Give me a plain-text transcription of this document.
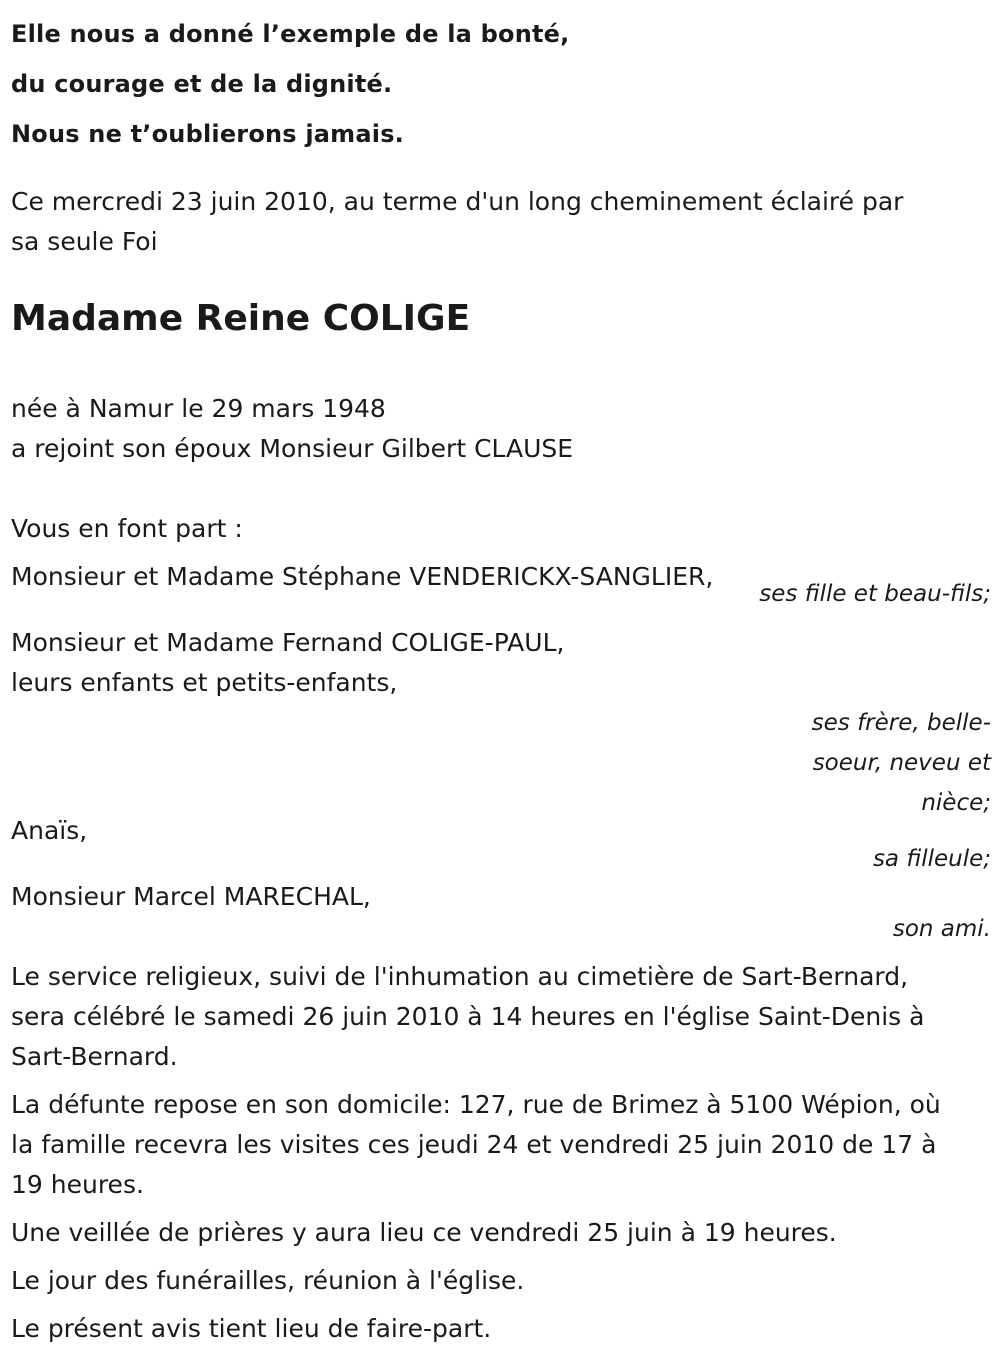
Elle nous a donné l’exemple de la bonté,
du courage et de la dignité.
Nous ne t’oublierons jamais.

Ce mercredi 23 juin 2010, au terme d'un long cheminement éclairé par
sa seule Foi

Madame Reine COLIGE

née à Namur le 29 mars 1948
a rejoint son époux Monsieur Gilbert CLAUSE

Vous en font part :

Monsieur et Madame Stéphane VENDERICKX-SANGLIER,
ses fille et beau-fils;
Monsieur et Madame Fernand COLIGE-PAUL,
leurs enfants et petits-enfants,
ses frère, belle-
soeur, neveu et
nièce;
Anaïs,
sa filleule;
Monsieur Marcel MARECHAL,
son ami.

Le service religieux, suivi de l'inhumation au cimetière de Sart-Bernard,
sera célébré le samedi 26 juin 2010 à 14 heures en l'église Saint-Denis à
Sart-Bernard.

La défunte repose en son domicile: 127, rue de Brimez à 5100 Wépion, où
la famille recevra les visites ces jeudi 24 et vendredi 25 juin 2010 de 17 à
19 heures.

Une veillée de prières y aura lieu ce vendredi 25 juin à 19 heures.

Le jour des funérailles, réunion à l'église.

Le présent avis tient lieu de faire-part.
